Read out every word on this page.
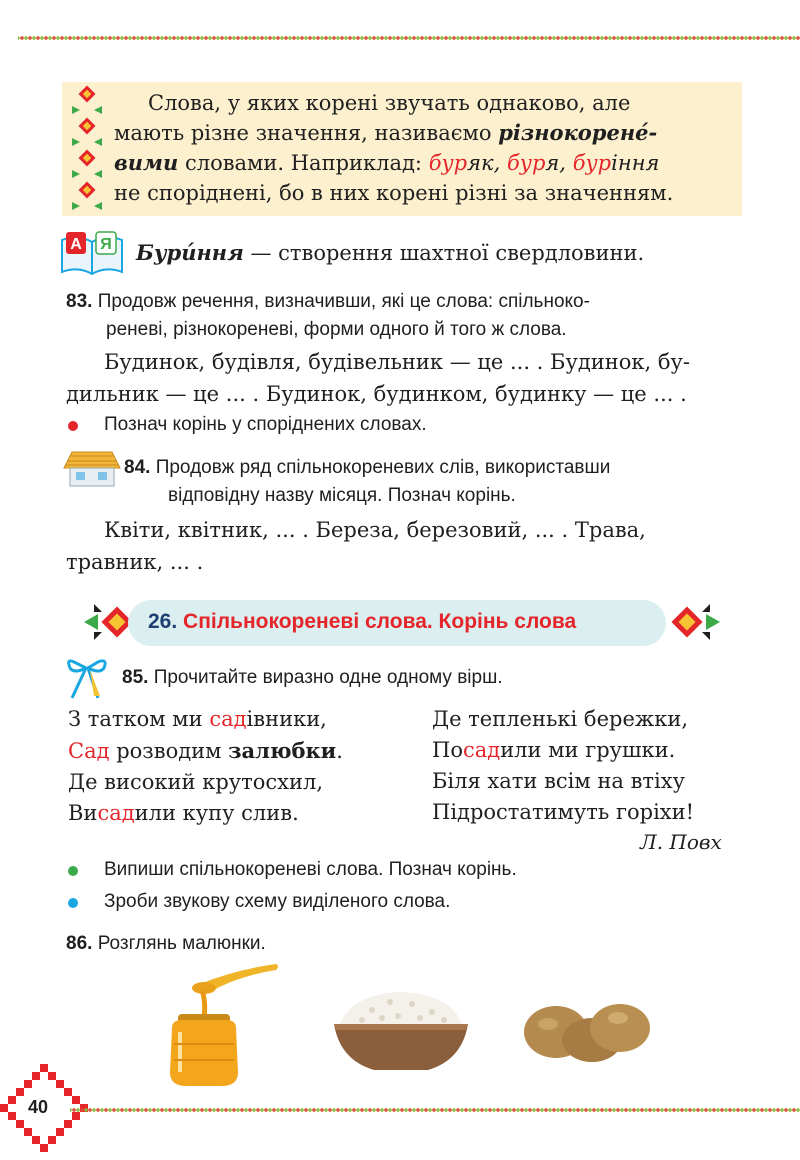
Слова, у яких корені звучать однаково, але
мають різне значення, називаємо різнокорене́-
вими словами. Наприклад: буряк, буря, буріння
не споріднені, бо в них корені різні за значенням.
А Я Бури́ння — створення шахтної свердловини.
83. Продовж речення, визначивши, які це слова: спільноко-
реневі, різнокореневі, форми одного й того ж слова.
Будинок, будівля, будівельник — це ... . Будинок, бу-
дильник — це ... . Будинок, будинком, будинку — це ... .
Познач корінь у споріднених словах.
84. Продовж ряд спільнокореневих слів, використавши
відповідну назву місяця. Познач корінь.
Квіти, квітник, ... . Береза, березовий, ... . Трава,
травник, ... .
26. Спільнокореневі слова. Корінь слова
85. Прочитайте виразно одне одному вірш.
З татком ми садівники,
Сад розводим залюбки.
Де високий крутосхил,
Висадили купу слив.
Де тепленькі бережки,
Посадили ми грушки.
Біля хати всім на втіху
Підростатимуть горіхи!
Л. Повх
Випиши спільнокореневі слова. Познач корінь.
Зроби звукову схему виділеного слова.
86. Розглянь малюнки.
40
